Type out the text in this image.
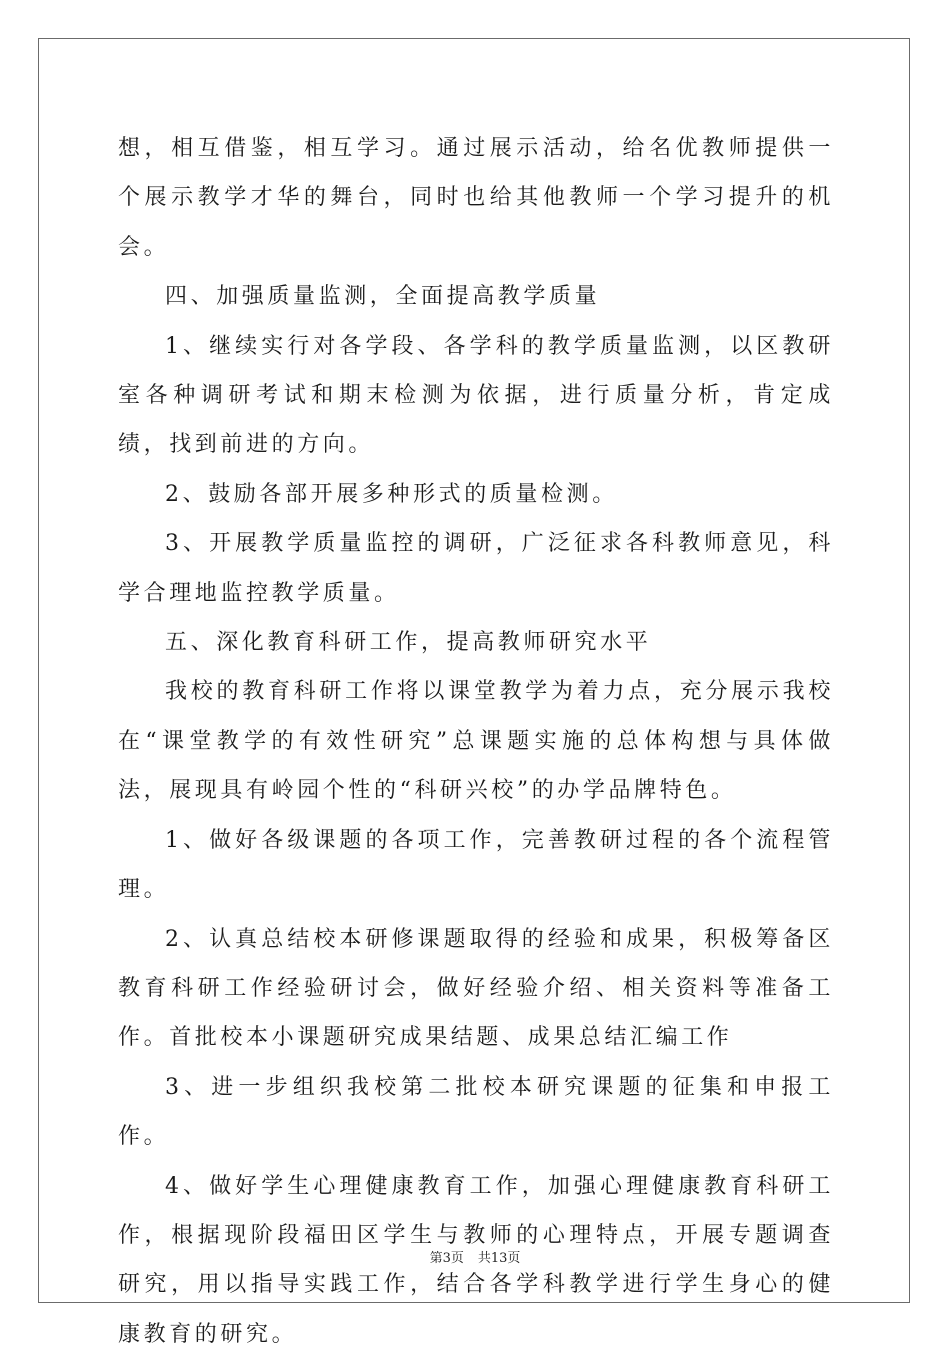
想，相互借鉴，相互学习。通过展示活动，给名优教师提供一个展示教学才华的舞台，同时也给其他教师一个学习提升的机会。

四、加强质量监测，全面提高教学质量

1、继续实行对各学段、各学科的教学质量监测，以区教研室各种调研考试和期末检测为依据，进行质量分析，肯定成绩，找到前进的方向。

2、鼓励各部开展多种形式的质量检测。

3、开展教学质量监控的调研，广泛征求各科教师意见，科学合理地监控教学质量。

五、深化教育科研工作，提高教师研究水平

我校的教育科研工作将以课堂教学为着力点，充分展示我校在“课堂教学的有效性研究”总课题实施的总体构想与具体做法，展现具有岭园个性的“科研兴校”的办学品牌特色。

1、做好各级课题的各项工作，完善教研过程的各个流程管理。

2、认真总结校本研修课题取得的经验和成果，积极筹备区教育科研工作经验研讨会，做好经验介绍、相关资料等准备工作。首批校本小课题研究成果结题、成果总结汇编工作

3、进一步组织我校第二批校本研究课题的征集和申报工作。

4、做好学生心理健康教育工作，加强心理健康教育科研工作，根据现阶段福田区学生与教师的心理特点，开展专题调查研究，用以指导实践工作，结合各学科教学进行学生身心的健康教育的研究。

第3页 共13页
